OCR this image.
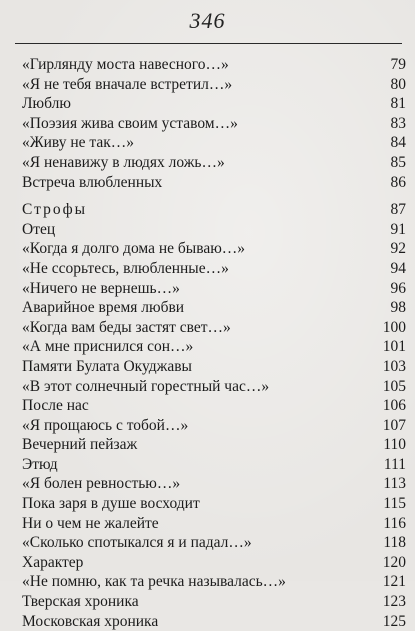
346
«Гирлянду моста навесного…»	79
«Я не тебя вначале встретил…»	80
Люблю	81
«Поэзия жива своим уставом…»	83
«Живу не так…»	84
«Я ненавижу в людях ложь…»	85
Встреча влюбленных	86
Строфы	87
Отец	91
«Когда я долго дома не бываю…»	92
«Не ссорьтесь, влюбленные…»	94
«Ничего не вернешь…»	96
Аварийное время любви	98
«Когда вам беды застят свет…»	100
«А мне приснился сон…»	101
Памяти Булата Окуджавы	103
«В этот солнечный горестный час…»	105
После нас	106
«Я прощаюсь с тобой…»	107
Вечерний пейзаж	110
Этюд	111
«Я болен ревностью…»	113
Пока заря в душе восходит	115
Ни о чем не жалейте	116
«Сколько спотыкался я и падал…»	118
Характер	120
«Не помню, как та речка называлась…»	121
Тверская хроника	123
Московская хроника	125
